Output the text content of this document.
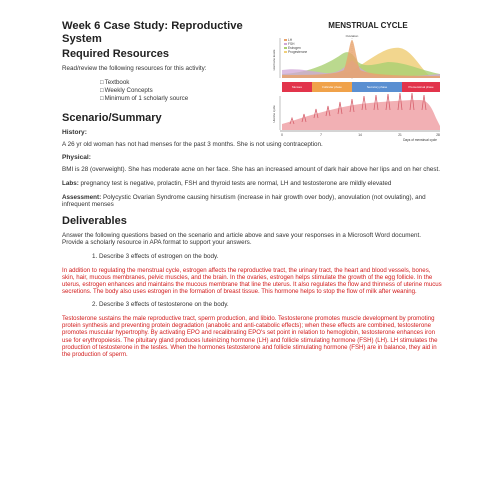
Week 6 Case Study: Reproductive System
Required Resources

Read/review the following resources for this activity:

□ Textbook
□ Weekly Concepts
□ Minimum of 1 scholarly source
Scenario/Summary
History:

A 26 yr old woman has not had menses for the past 3 months. She is not using contraception.

Physical:

BMI is 28 (overweight). She has moderate acne on her face. She has an increased amount of dark hair above her lips and on her chest.

Labs: pregnancy test is negative, prolactin, FSH and thyroid tests are normal, LH and testosterone are mildly elevated

Assessment: Polycystic Ovarian Syndrome causing hirsutism (increase in hair growth over body), anovulation (not ovulating), and infrequent menses

Deliverables

Answer the following questions based on the scenario and article above and save your responses in a Microsoft Word document. Provide a scholarly resource in APA format to support your answers.

1. Describe 3 effects of estrogen on the body.

In addition to regulating the menstrual cycle, estrogen affects the reproductive tract, the urinary tract, the heart and blood vessels, bones, skin, hair, mucous membranes, pelvic muscles, and the brain. In the ovaries, estrogen helps stimulate the growth of the egg follicle. In the uterus, estrogen enhances and maintains the mucous membrane that line the uterus. It also regulates the flow and thinness of uterine mucus secretions. The body also uses estrogen in the formation of breast tissue. This hormone helps to stop the flow of milk after weaning.

2. Describe 3 effects of testosterone on the body.

Testosterone sustains the male reproductive tract, sperm production, and libido. Testosterone promotes muscle development by promoting protein synthesis and preventing protein degradation (anabolic and anti-catabolic effects); when these effects are combined, testosterone promotes muscular hypertrophy. By activating EPO and recalibrating EPO's set point in relation to hemoglobin, testosterone enhances iron use for erythropoiesis. The pituitary gland produces luteinizing hormone (LH) and follicle stimulating hormone (FSH) (LH). LH stimulates the production of testosterone in the testes. When the hormones testosterone and follicle stimulating hormone (FSH) are in balance, they aid in the production of sperm.

MENSTRUAL CYCLE
Ovulation
Hormone levels
LH
FSH
Estrogen
Progesterone
Menses	Follicular phase	Secretory phase	Premenstrual phase
Uterine cycle
0	7	14	21	28
Days of menstrual cycle
